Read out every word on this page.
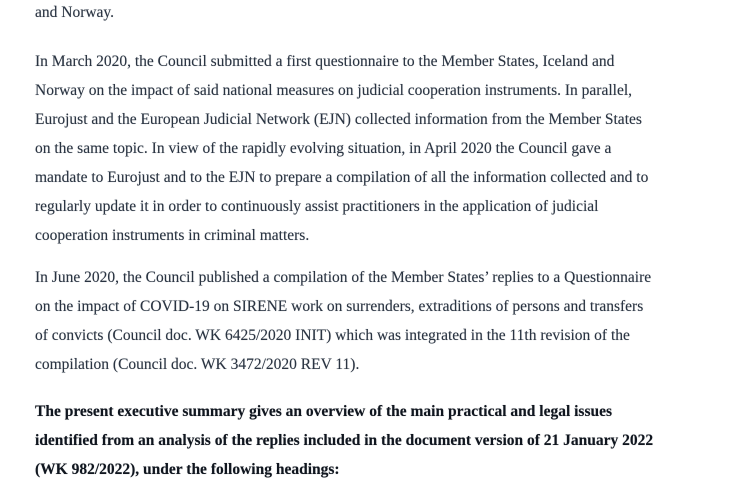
and Norway.
In March 2020, the Council submitted a first questionnaire to the Member States, Iceland and
Norway on the impact of said national measures on judicial cooperation instruments. In parallel,
Eurojust and the European Judicial Network (EJN) collected information from the Member States
on the same topic. In view of the rapidly evolving situation, in April 2020 the Council gave a
mandate to Eurojust and to the EJN to prepare a compilation of all the information collected and to
regularly update it in order to continuously assist practitioners in the application of judicial
cooperation instruments in criminal matters.
In June 2020, the Council published a compilation of the Member States’ replies to a Questionnaire
on the impact of COVID-19 on SIRENE work on surrenders, extraditions of persons and transfers
of convicts (Council doc. WK 6425/2020 INIT) which was integrated in the 11th revision of the
compilation (Council doc. WK 3472/2020 REV 11).
The present executive summary gives an overview of the main practical and legal issues
identified from an analysis of the replies included in the document version of 21 January 2022
(WK 982/2022), under the following headings:
